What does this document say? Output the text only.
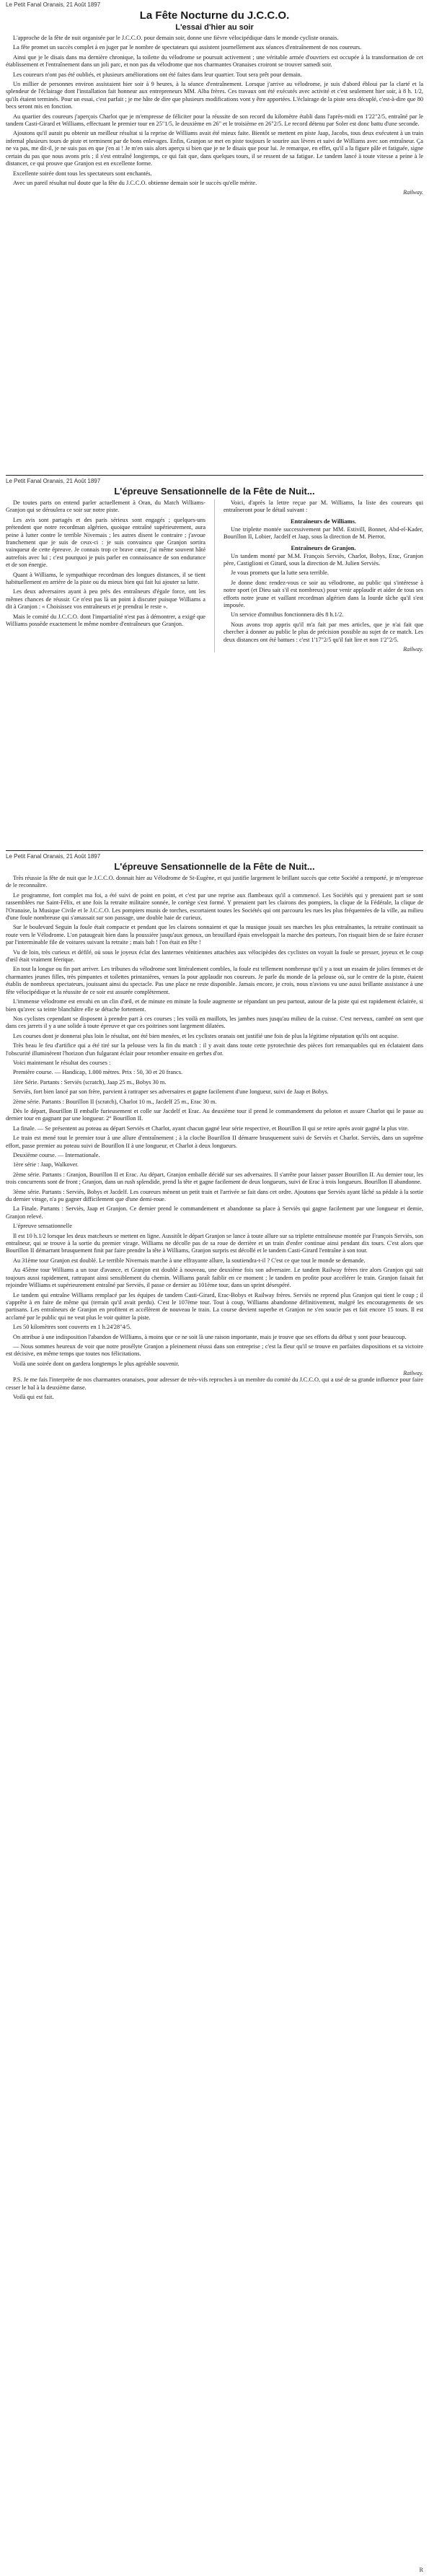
Le Petit Fanal Oranais, 21 Août 1897
La Fête Nocturne du J.C.C.O.
L'essai d'hier au soir

L'approche de la fête de nuit organisée par le J.C.C.O. pour demain soir, donne une fièvre vélocipédique dans le monde cycliste oranais.

La fête promet un succès complet à en juger par le nombre de spectateurs qui assistent journellement aux séances d'entraînement de nos coureurs.

Ainsi que je le disais dans ma dernière chronique, la toilette du vélodrome se poursuit activement ; une véritable armée d'ouvriers est occupée à la transformation de cet établissement et l'entraînement dans un joli parc, et non pas du vélodrome que nos charmantes Oranaises croiront se trouver samedi soir.

Les coureurs n'ont pas été oubliés, et plusieurs améliorations ont été faites dans leur quartier. Tout sera prêt pour demain.

Un millier de personnes environ assistaient hier soir à 9 heures, à la séance d'entraînement. Lorsque j'arrive au vélodrome, je suis d'abord ébloui par la clarté et la splendeur de l'éclairage dont l'installation fait honneur aux entrepreneurs MM. Alba frères. Ces travaux ont été exécutés avec activité et c'est seulement hier soir, à 8 h. 1/2, qu'ils étaient terminés. Pour un essai, c'est parfait ; je me hâte de dire que plusieurs modifications vont y être apportées. L'éclairage de la piste sera décuplé, c'est-à-dire que 80 becs seront mis en fonction.

Au quartier des coureurs j'aperçois Charlot que je m'empresse de féliciter pour la réussite de son record du kilomètre établi dans l'après-midi en 1'22"2/5, entraîné par le tandem Casti-Girard et Williams, effectuant le premier tour en 25"1/5, le deuxième en 26" et le troisième en 26"2/5. Le record détenu par Soler est donc battu d'une seconde.

Ajoutons qu'il aurait pu obtenir un meilleur résultat si la reprise de Williams avait été mieux faite. Bientôt se mettent en piste Jaap, Jacobs, tous deux exécutent à un train infernal plusieurs tours de piste et terminent par de bons enlevages. Enfin, Granjon se met en piste toujours le sourire aux lèvres et suivi de Williams avec son entraîneur. Ça ne va pas, me dit-il, je ne suis pas en que j'en ai ! Je m'en suis alors aperçu si bien que je ne le disais que pour lui. Je remarque, en effet, qu'il a la figure pâle et fatiguée, signe certain du pas que nous avons pris ; il s'est entraîné longtemps, ce qui fait que, dans quelques tours, il se ressent de sa fatigue. Le tandem lancé à toute vitesse a peine à le distancer, ce qui prouve que Granjon est en excellente forme.

Excellente soirée dont tous les spectateurs sont enchantés.

Avec un pareil résultat nul doute que la fête du J.C.C.O. obtienne demain soir le succès qu'elle mérite.

Railway.
Le Petit Fanal Oranais, 21 Août 1897
L'épreuve Sensationnelle de la Fête de Nuit...

De toutes parts on entend parler actuellement à Oran, du Match Williams-Granjon qui se déroulera ce soir sur notre piste.

Les avis sont partagés et des paris sérieux sont engagés ; quelques-uns prétendent que notre recordman algérien, quoique entraîné supérieurement, aura peine à lutter contre le terrible Nivernais ; les autres disent le contraire ; j'avoue franchement que je suis de ceux-ci : je suis convaincu que Granjon sortira vainqueur de cette épreuve. Je connais trop ce brave cœur, j'ai même souvent hâté autrefois avec lui ; c'est pourquoi je puis parler en connaissance de son endurance et de son énergie.

Quant à Williams, le sympathique recordman des longues distances, il se tient habituellement en arrière de la piste ou du mieux bien qui fait lui ajouter sa lutte.

Les deux adversaires ayant à peu près des entraîneurs d'égale force, ont les mêmes chances de réussir. Ce n'est pas là un point à discuter puisque Williams a dit à Granjon : « Choisissez vos entraîneurs et je prendrai le reste ».

Mais le comité du J.C.C.O. dont l'impartialité n'est pas à démontrer, a exigé que Williams possède exactement le même nombre d'entraîneurs que Granjon.

Voici, d'après la lettre reçue par M. Williams, la liste des coureurs qui entraîneront pour le détail suivant :

Entraîneurs de Williams.

Une triplette montée successivement par MM. Estivill, Bonnet, Abd-el-Kader, Bourillon II, Lobier, Jacdelf et Jaap, sous la direction de M. Pierrot.

Entraîneurs de Granjon.

Un tandem monté par M.M. François Serviès, Charlot, Bobys, Erac, Granjon père, Castiglioni et Girard, sous la direction de M. Julien Serviès.

Je vous promets que la lutte sera terrible.

Je donne donc rendez-vous ce soir au vélodrome, au public qui s'intéresse à notre sport (et Dieu sait s'il est nombreux) pour venir applaudir et aider de tous ses efforts notre jeune et vaillant recordman algérien dans la lourde tâche qu'il s'est imposée.

Un service d'omnibus fonctionnera dès 8 h.1/2.

Nous avons trop appris qu'il m'a fait par mes articles, que je n'ai fait que chercher à donner au public le plus de précision possible au sujet de ce match. Les deux distances ont été battues : c'est 1'17"2/5 qu'il fait lire et non 1'2"2/5.

Railway.
Le Petit Fanal Oranais, 21 Août 1897
L'épreuve Sensationnelle de la Fête de Nuit...

Très réussie la fête de nuit que le J.C.C.O. donnait hier au Vélodrome de St-Eugène, et qui justifie largement le brillant succès que cette Société a remporté, je m'empresse de le reconnaître.

Le programme, fort complet ma foi, a été suivi de point en point, et c'est par une reprise aux flambeaux qu'il a commencé. Les Sociétés qui y prenaient part se sont rassemblées rue Saint-Félix, et une fois la retraite militaire sonnée, le cortège s'est formé. Y prenaient part les clairons des pompiers, la clique de la Fédérale, la clique de l'Oranaise, la Musique Civile et le J.C.C.O. Les pompiers munis de torches, escortaient toutes les Sociétés qui ont parcouru les rues les plus fréquentées de la ville, au milieu d'une foule nombreuse qui s'amassait sur son passage, une double haie de curieux.

Sur le boulevard Seguin la foule était compacte et pendant que les clairons sonnaient et que la musique jouait ses marches les plus entraînantes, la retraite continuait sa route vers le Vélodrome. L'on pataugeait bien dans la poussière jusqu'aux genoux, un brouillard épais enveloppait la marche des porteurs, l'on risquait bien de se faire écraser par l'interminable file de voitures suivant la retraite ; mais bah ! l'on était en fête !

Vu de loin, très curieux et défilé, où sous le joyeux éclat des lanternes vénitiennes attachées aux vélocipèdes des cyclistes on voyait la foule se presser, joyeux et le coup d'œil était vraiment féerique.

En tout la longue ou fin part arriver. Les tribunes du vélodrome sont littéralement combles, la foule est tellement nombreuse qu'il y a tout un essaim de jolies femmes et de charmantes jeunes filles, très pimpantes et toilettes printanières, venues la pour applaudir nos coureurs. Je parle du monde de la pelouse où, sur le centre de la piste, étaient établis de nombreux spectateurs, jouissant ainsi du spectacle. Pas une place ne reste disponible. Jamais encore, je crois, nous n'avions vu une aussi brillante assistance à une fête vélocipédique et la réussite de ce soir est assurée complètement.

L'immense vélodrome est envahi en un clin d'œil, et de minute en minute la foule augmente se répandant un peu partout, autour de la piste qui est rapidement éclairée, si bien qu'avec sa teinte blanchâtre elle se détache fortement.

Nos cyclistes cependant se disposent à prendre part à ces courses ; les voilà en maillots, les jambes nues jusqu'au milieu de la cuisse. C'est nerveux, cambré on sent que dans ces jarrets il y a une solide à toute épreuve et que ces poitrines sont largement dilatées.

Les courses dont je donnerai plus loin le résultat, ont été bien menées, et les cyclistes oranais ont justifié une fois de plus la légitime réputation qu'ils ont acquise.

Très beau le feu d'artifice qui a été tiré sur la pelouse vers la fin du match : il y avait dans toute cette pyrotechnie des pièces fort remarquables qui en éclataient dans l'obscurité illuminèrent l'horizon d'un fulgurant éclair pour retomber ensuite en gerbes d'or.

Voici maintenant le résultat des courses :

Première course. — Handicap, 1.000 mètres. Prix : 50, 30 et 20 francs.

1ère Série. Partants : Serviès (scratch), Jaap 25 m., Bobys 30 m.

Serviès, fort bien lancé par son frère, parvient à rattraper ses adversaires et gagne facilement d'une longueur, suivi de Jaap et Bobys.

2ème série. Partants : Bourillon II (scratch), Charlot 10 m., Jacdelf 25 m., Erac 30 m.

Dès le départ, Bourillon II emballe furieusement et colle sur Jacdelf et Erac. Au deuxième tour il prend le commandement du peloton et assure Charlot qui le passe au dernier tour en gagnant par une longueur. 2° Bourillon II.

La finale. — Se présentent au poteau au départ Serviès et Charlot, ayant chacun gagné leur série respective, et Bourillon II qui se retire après avoir gagné la plus vite.

Le train est mené tout le premier tour à une allure d'entraînement ; à la cloche Bourillon II démarre brusquement suivi de Serviès et Charlot. Serviès, dans un suprême effort, passe premier au poteau suivi de Bourillon II à une longueur, et Charlot à deux longueurs.

Deuxième course. — Internationale.

1ère série : Jaap, Walkover.

2ème série. Partants : Granjon, Bourillon II et Erac. Au départ, Granjon emballe décidé sur ses adversaires. Il s'arrête pour laisser passer Bourillon II. Au dernier tour, les trois concurrents sont de front ; Granjon, dans un rush splendide, prend la tête et gagne facilement de deux longueurs, suivi de Erac à trois longueurs. Bourillon II abandonne.

3ème série. Partants : Serviès, Bobys et Jacdelf. Les coureurs mènent un petit train et l'arrivée se fait dans cet ordre. Ajoutons que Serviès ayant lâché sa pédale à la sortie du dernier virage, n'a pu gagner difficilement que d'une demi-roue.

La Finale. Partants : Serviès, Jaap et Granjon. Ce dernier prend le commandement et abandonne sa place à Serviès qui gagne facilement par une longueur et demie, Granjon relevé.

L'épreuve sensationnelle

Il est 10 h.1/2 lorsque les deux matcheurs se mettent en ligne. Aussitôt le départ Granjon se lance à toute allure sur sa triplette entraîneuse montée par François Serviès, son entraîneur, qui se trouve à la sortie du premier virage. Williams ne décolle pas de sa roue de derrière et un train d'enfer continue ainsi pendant dix tours. C'est alors que Bourillon II démarrant brusquement finit par faire prendre la tête à Williams, Granjon surpris est décollé et le tandem Casti-Girard l'entraîne à son tour.

Au 31ème tour Granjon est doublé. Le terrible Nivernais marche à une effrayante allure, la soutiendra-t-il ? C'est ce que tout le monde se demande.

Au 45ème tour Williams a un tour d'avance, et Granjon est doublé à nouveau, une deuxième fois son adversaire. Le tandem Railway frères tire alors Granjon qui sait toujours aussi rapidement, rattrapant ainsi sensiblement du chemin. Williams paraît faiblir en ce moment ; le tandem en profite pour accélérer le train. Granjon faisait fut rejoindre Williams et supérieurement entraîné par Serviès, il passe ce dernier au 101ème tour, dans un sprint désespéré.

Le tandem qui entraîne Williams remplacé par les équipes de tandem Casti-Girard, Erac-Bobys et Railway frères. Serviès ne reprend plus Granjon qui tient le coup ; il s'apprête à en faire de même qui (terrain qu'il avait perdu). C'est le 107ème tour. Tout à coup, Williams abandonne définitivement, malgré les encouragements de ses partisans. Les entraîneurs de Granjon en profitent et accélèrent de nouveau le train. La course devient superbe et Granjon ne s'en soucie pas et fait encore 15 tours. Il est acclamé par le public qui ne veut plus le voir quitter la piste.

Les 50 kilomètres sont couverts en 1 h.24'28"4/5.

On attribue à une indisposition l'abandon de Williams, à moins que ce ne soit là une raison importante, mais je trouve que ses efforts du début y sont pour beaucoup.

— Nous sommes heureux de voir que notre prosélyte Granjon a pleinement réussi dans son entreprise ; c'est la fleur qu'il se trouve en parfaites dispositions et sa victoire est décisive, en même temps que toutes nos félicitations.

Voilà une soirée dont on gardera longtemps le plus agréable souvenir.

Railway.

P.S. Je me fais l'interprète de nos charmantes oranaises, pour adresser de très-vifs reproches à un membre du comité du J.C.C.O, qui a usé de sa grande influence pour faire cesser le bal à la deuxième danse.

Voilà qui est fait.

R
